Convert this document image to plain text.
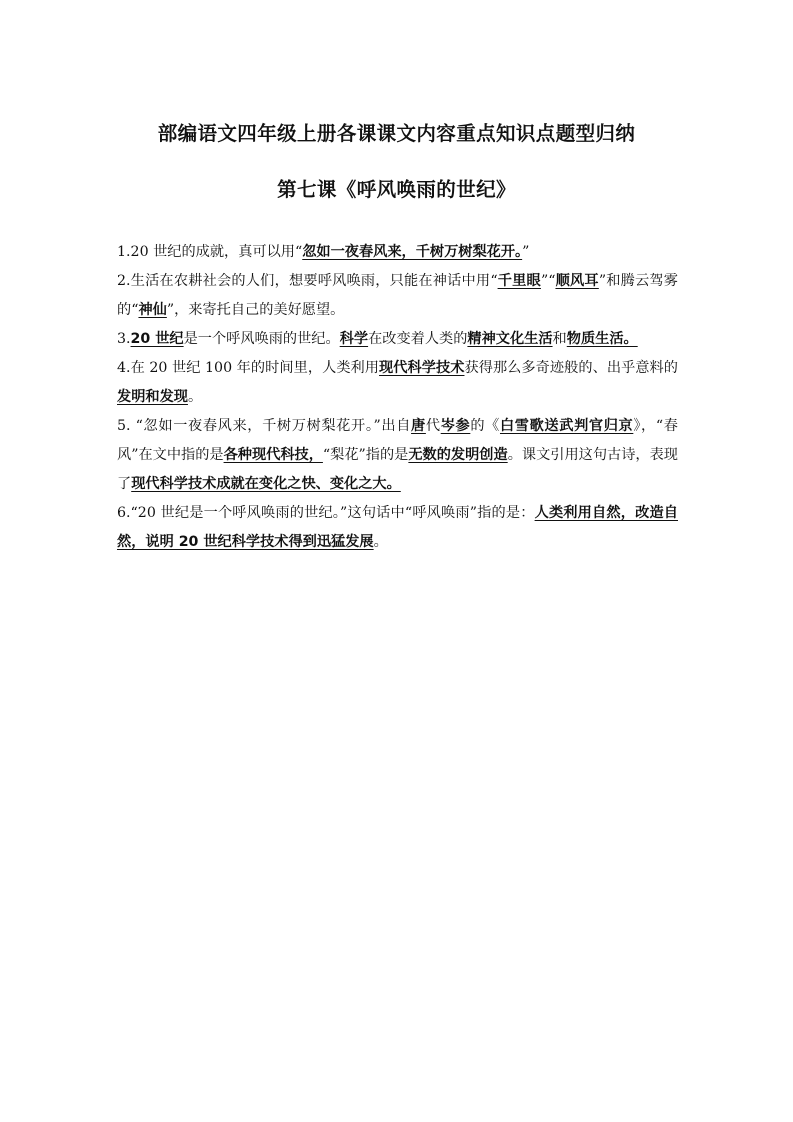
部编语文四年级上册各课课文内容重点知识点题型归纳
第七课《呼风唤雨的世纪》

1.20 世纪的成就，真可以用“忽如一夜春风来，千树万树梨花开。”

2.生活在农耕社会的人们，想要呼风唤雨，只能在神话中用“千里眼”“顺风耳”和腾云驾雾的“神仙”，来寄托自己的美好愿望。

3.20 世纪是一个呼风唤雨的世纪。科学在改变着人类的精神文化生活和物质生活。

4.在 20 世纪 100 年的时间里，人类利用现代科学技术获得那么多奇迹般的、出乎意料的发明和发现。

5. “忽如一夜春风来，千树万树梨花开。”出自唐代岑参的《白雪歌送武判官归京》，“春风”在文中指的是各种现代科技，“梨花”指的是无数的发明创造。课文引用这句古诗，表现了现代科学技术成就在变化之快、变化之大。

6.“20 世纪是一个呼风唤雨的世纪。”这句话中“呼风唤雨”指的是：人类利用自然，改造自然，说明 20 世纪科学技术得到迅猛发展。
